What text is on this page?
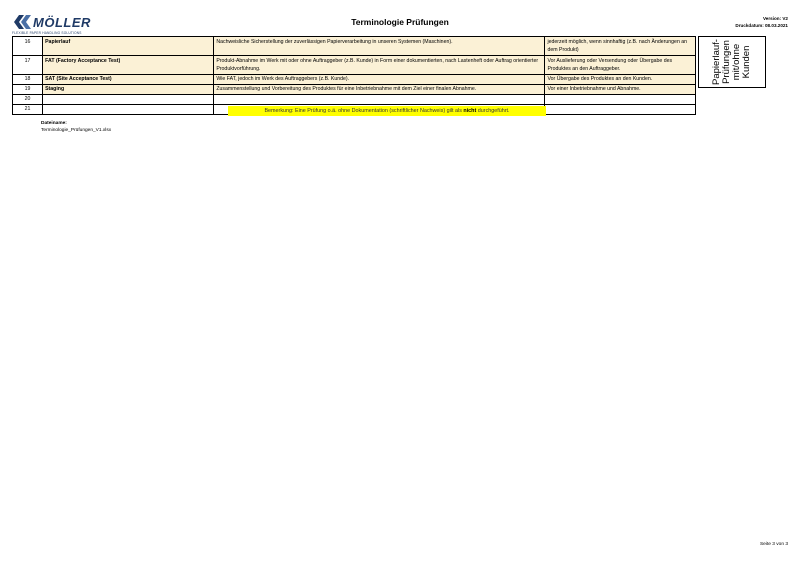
MÖLLER
FLEXIBLE PAPER HANDLING SOLUTIONS
Terminologie Prüfungen	Version: V2
Druckdatum: 08.03.2021
16	Papierlauf	Nachweisliche Sicherstellung der zuverlässigen Papierverarbeitung in unseren Systemen (Maschinen).	jederzeit möglich, wenn sinnhaftig (z.B. nach Änderungen an dem Produkt)
17	FAT (Factory Acceptance Test)	Produkt-Abnahme im Werk mit oder ohne Auftraggeber (z.B. Kunde) in Form einer dokumentierten, nach Lastenheft oder Auftrag orientierter Produktvorführung.	Vor Auslieferung oder Versendung oder Übergabe des Produktes an den Auftraggeber.
18	SAT (Site Acceptance Test)	Wie FAT, jedoch im Werk des Auftraggebers (z.B. Kunde).	Vor Übergabe des Produktes an den Kunden.
19	Staging	Zusammenstellung und Vorbereitung des Produktes für eine Inbetriebnahme mit dem Ziel einer finalen Abnahme.	Vor einer Inbetriebnahme und Abnahme.
20			
21			
Papierlauf- Prüfungen mit/ohne Kunden
Bemerkung: Eine Prüfung o.ä. ohne Dokumentation (schriftlicher Nachweis) gilt als nicht durchgeführt.
Dateiname:
Terminologie_Prüfungen_V1.xlsx
Seite 3 von 3
